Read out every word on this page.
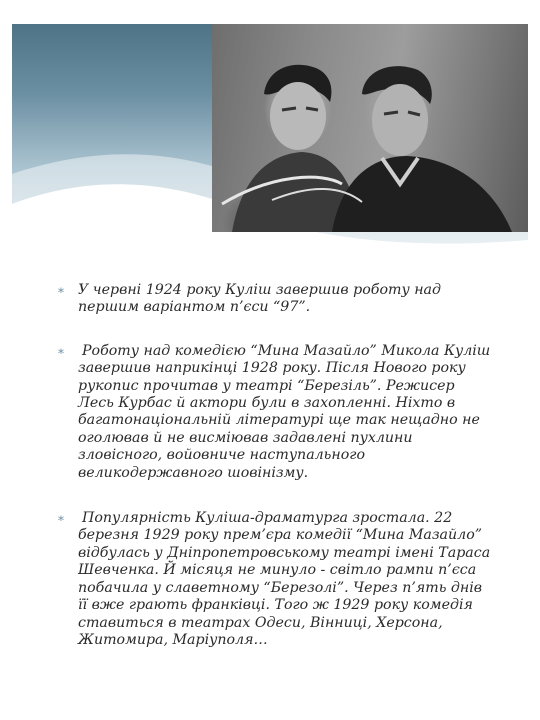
∗ У червні 1924 року Куліш завершив роботу над першим варіантом п’єси “97”.
∗ Роботу над комедією “Мина Мазайло” Микола Куліш завершив наприкінці 1928 року. Після Нового року рукопис прочитав у театрі “Березіль”. Режисер Лесь Курбас й актори були в захопленні. Ніхто в багатонаціональній літературі ще так нещадно не оголював й не висміював задавлені пухлини зловісного, войовниче наступального великодержавного шовінізму.
∗ Популярність Куліша-драматурга зростала. 22 березня 1929 року прем’єра комедії “Мина Мазайло” відбулась у Дніпропетровському театрі імені Тараса Шевченка. Й місяця не минуло - світло рампи п’єса побачила у славетному “Березолі”. Через п’ять днів її вже грають франківці. Того ж 1929 року комедія ставиться в театрах Одеси, Вінниці, Херсона, Житомира, Маріуполя…
